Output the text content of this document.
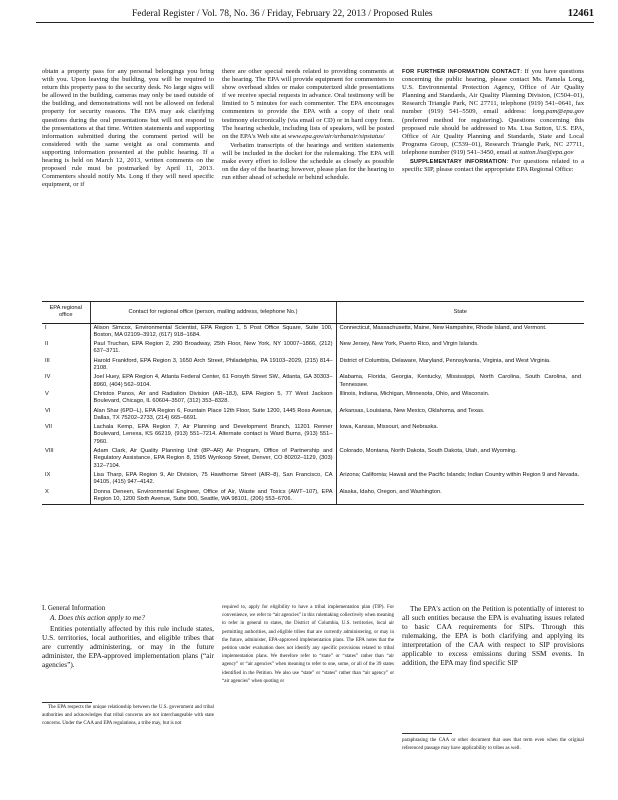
Federal Register / Vol. 78, No. 36 / Friday, February 22, 2013 / Proposed Rules	12461

obtain a property pass for any personal belongings you bring with you. Upon leaving the building, you will be required to return this property pass to the security desk. No large signs will be allowed in the building, cameras may only be used outside of the building, and demonstrations will not be allowed on federal property for security reasons. The EPA may ask clarifying questions during the oral presentations but will not respond to the presentations at that time. Written statements and supporting information submitted during the comment period will be considered with the same weight as oral comments and supporting information presented at the public hearing. If a hearing is held on March 12, 2013, written comments on the proposed rule must be postmarked by April 11, 2013. Commenters should notify Ms. Long if they will need specific equipment, or if

there are other special needs related to providing comments at the hearing. The EPA will provide equipment for commenters to show overhead slides or make computerized slide presentations if we receive special requests in advance. Oral testimony will be limited to 5 minutes for each commenter. The EPA encourages commenters to provide the EPA with a copy of their oral testimony electronically (via email or CD) or in hard copy form. The hearing schedule, including lists of speakers, will be posted on the EPA's Web site at www.epa.gov/air/urbanair/sipstatus/

Verbatim transcripts of the hearings and written statements will be included in the docket for the rulemaking. The EPA will make every effort to follow the schedule as closely as possible on the day of the hearing; however, please plan for the hearing to run either ahead of schedule or behind schedule.

FOR FURTHER INFORMATION CONTACT: If you have questions concerning the public hearing, please contact Ms. Pamela Long, U.S. Environmental Protection Agency, Office of Air Quality Planning and Standards, Air Quality Planning Division, (C504–01), Research Triangle Park, NC 27711, telephone (919) 541–0641, fax number (919) 541–5509, email address: long.pam@epa.gov (preferred method for registering). Questions concerning this proposed rule should be addressed to Ms. Lisa Sutton, U.S. EPA, Office of Air Quality Planning and Standards, State and Local Programs Group, (C539–01), Research Triangle Park, NC 27711, telephone number (919) 541–3450, email at sutton.lisa@epa.gov

SUPPLEMENTARY INFORMATION: For questions related to a specific SIP, please contact the appropriate EPA Regional Office:

EPA regional office	Contact for regional office (person, mailing address, telephone No.)	State
I	Alison Simcox, Environmental Scientist, EPA Region 1, 5 Post Office Square, Suite 100, Boston, MA 02109–3912, (617) 918–1684.	Connecticut, Massachusetts, Maine, New Hampshire, Rhode Island, and Vermont.
II	Paul Truchan, EPA Region 2, 290 Broadway, 25th Floor, New York, NY 10007–1866, (212) 637–3711.	New Jersey, New York, Puerto Rico, and Virgin Islands.
III	Harold Frankford, EPA Region 3, 1650 Arch Street, Philadelphia, PA 19103–2029, (215) 814–2108.	District of Columbia, Delaware, Maryland, Pennsylvania, Virginia, and West Virginia.
IV	Joel Huey, EPA Region 4, Atlanta Federal Center, 61 Forsyth Street SW., Atlanta, GA 30303–8960, (404) 562–9104.	Alabama, Florida, Georgia, Kentucky, Mississippi, North Carolina, South Carolina, and Tennessee.
V	Christos Panos, Air and Radiation Division (AR–18J), EPA Region 5, 77 West Jackson Boulevard, Chicago, IL 60604–3507, (312) 353–8328.	Illinois, Indiana, Michigan, Minnesota, Ohio, and Wisconsin.
VI	Alan Shar (6PD–L), EPA Region 6, Fountain Place 12th Floor, Suite 1200, 1445 Ross Avenue, Dallas, TX 75202–2733, (214) 665–6691.	Arkansas, Louisiana, New Mexico, Oklahoma, and Texas.
VII	Lachala Kemp, EPA Region 7, Air Planning and Development Branch, 11201 Renner Boulevard, Lenexa, KS 66219, (913) 551–7214. Alternate contact is Ward Burns, (913) 551–7960.	Iowa, Kansas, Missouri, and Nebraska.
VIII	Adam Clark, Air Quality Planning Unit (8P–AR) Air Program, Office of Partnership and Regulatory Assistance, EPA Region 8, 1595 Wynkoop Street, Denver, CO 80202–1129, (303) 312–7104.	Colorado, Montana, North Dakota, South Dakota, Utah, and Wyoming.
IX	Lisa Tharp, EPA Region 9, Air Division, 75 Hawthorne Street (AIR–8), San Francisco, CA 94105, (415) 947–4142.	Arizona; California; Hawaii and the Pacific Islands; Indian Country within Region 9 and Nevada.
X	Donna Deneen, Environmental Engineer, Office of Air, Waste and Toxics (AWT–107), EPA Region 10, 1200 Sixth Avenue, Suite 900, Seattle, WA 98101, (206) 553–6706.	Alaska, Idaho, Oregon, and Washington.
I. General Information

A. Does this action apply to me?

Entities potentially affected by this rule include states, U.S. territories, local authorities, and eligible tribes that are currently administering, or may in the future administer, the EPA-approved implementation plans (“air agencies”).

The EPA respects the unique relationship between the U.S. government and tribal authorities and acknowledges that tribal concerns are not interchangeable with state concerns. Under the CAA and EPA regulations, a tribe may, but is not

required to, apply for eligibility to have a tribal implementation plan (TIP). For convenience, we refer to “air agencies” in this rulemaking collectively when meaning to refer in general to states, the District of Columbia, U.S. territories, local air permitting authorities, and eligible tribes that are currently administering, or may in the future, administer, EPA-approved implementation plans. The EPA notes that the petition under evaluation does not identify any specific provisions related to tribal implementation plans. We therefore refer to “state” or “states” rather than “air agency” or “air agencies” when meaning to refer to one, some, or all of the 39 states identified in the Petition. We also use “state” or “states” rather than “air agency” or “air agencies” when quoting or

The EPA's action on the Petition is potentially of interest to all such entities because the EPA is evaluating issues related to basic CAA requirements for SIPs. Through this rulemaking, the EPA is both clarifying and applying its interpretation of the CAA with respect to SIP provisions applicable to excess emissions during SSM events. In addition, the EPA may find specific SIP

paraphrasing the CAA or other document that uses that term even when the original referenced passage may have applicability to tribes as well.
